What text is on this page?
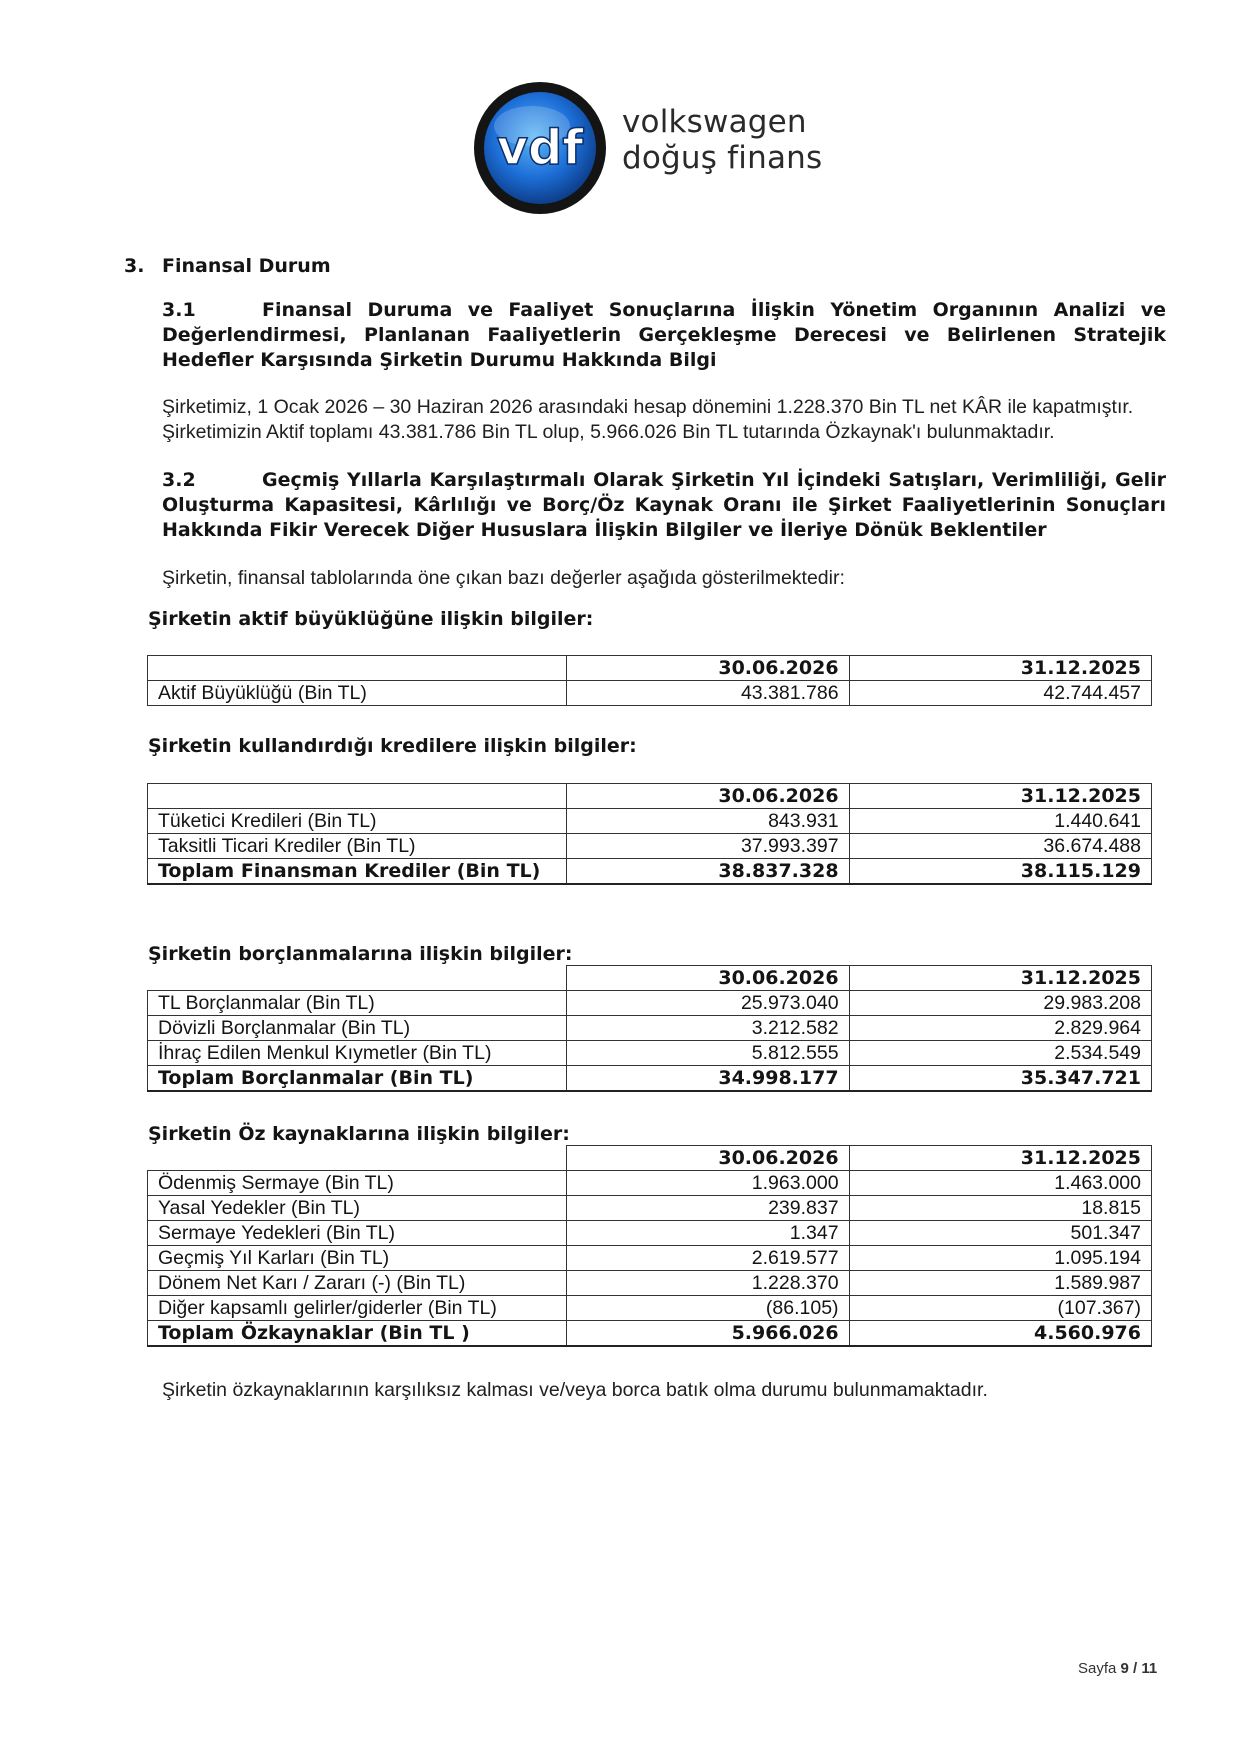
vdf volkswagen
doğuş finans
3. Finansal Durum
3.1	Finansal Duruma ve Faaliyet Sonuçlarına İlişkin Yönetim Organının Analizi ve Değerlendirmesi, Planlanan Faaliyetlerin Gerçekleşme Derecesi ve Belirlenen Stratejik Hedefler Karşısında Şirketin Durumu Hakkında Bilgi
Şirketimiz, 1 Ocak 2026 – 30 Haziran 2026 arasındaki hesap dönemini 1.228.370 Bin TL net KÂR ile kapatmıştır. Şirketimizin Aktif toplamı 43.381.786 Bin TL olup, 5.966.026 Bin TL tutarında Özkaynak'ı bulunmaktadır.
3.2	Geçmiş Yıllarla Karşılaştırmalı Olarak Şirketin Yıl İçindeki Satışları, Verimliliği, Gelir Oluşturma Kapasitesi, Kârlılığı ve Borç/Öz Kaynak Oranı ile Şirket Faaliyetlerinin Sonuçları Hakkında Fikir Verecek Diğer Hususlara İlişkin Bilgiler ve İleriye Dönük Beklentiler
Şirketin, finansal tablolarında öne çıkan bazı değerler aşağıda gösterilmektedir:
Şirketin aktif büyüklüğüne ilişkin bilgiler:
	30.06.2026	31.12.2025
Aktif Büyüklüğü (Bin TL)	43.381.786	42.744.457
Şirketin kullandırdığı kredilere ilişkin bilgiler:
	30.06.2026	31.12.2025
Tüketici Kredileri (Bin TL)	843.931	1.440.641
Taksitli Ticari Krediler (Bin TL)	37.993.397	36.674.488
Toplam Finansman Krediler (Bin TL)	38.837.328	38.115.129
Şirketin borçlanmalarına ilişkin bilgiler:
	30.06.2026	31.12.2025
TL Borçlanmalar (Bin TL)	25.973.040	29.983.208
Dövizli Borçlanmalar (Bin TL)	3.212.582	2.829.964
İhraç Edilen Menkul Kıymetler (Bin TL)	5.812.555	2.534.549
Toplam Borçlanmalar (Bin TL)	34.998.177	35.347.721
Şirketin Öz kaynaklarına ilişkin bilgiler:
	30.06.2026	31.12.2025
Ödenmiş Sermaye (Bin TL)	1.963.000	1.463.000
Yasal Yedekler (Bin TL)	239.837	18.815
Sermaye Yedekleri (Bin TL)	1.347	501.347
Geçmiş Yıl Karları (Bin TL)	2.619.577	1.095.194
Dönem Net Karı / Zararı (-) (Bin TL)	1.228.370	1.589.987
Diğer kapsamlı gelirler/giderler (Bin TL)	(86.105)	(107.367)
Toplam Özkaynaklar (Bin TL )	5.966.026	4.560.976
Şirketin özkaynaklarının karşılıksız kalması ve/veya borca batık olma durumu bulunmamaktadır.
Sayfa 9 / 11
